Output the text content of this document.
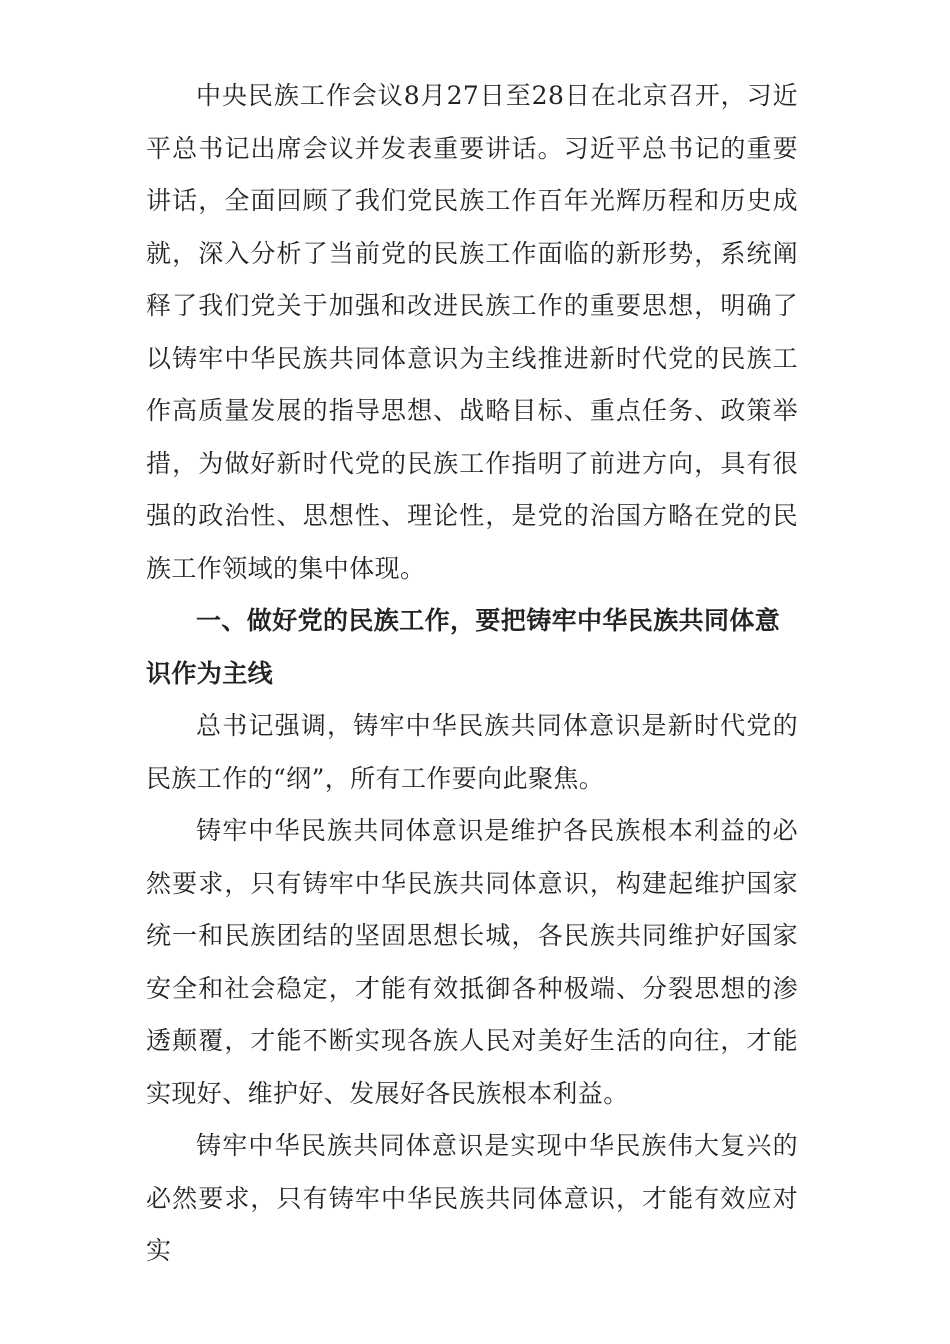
中央民族工作会议8月27日至28日在北京召开，习近平总书记出席会议并发表重要讲话。习近平总书记的重要讲话，全面回顾了我们党民族工作百年光辉历程和历史成就，深入分析了当前党的民族工作面临的新形势，系统阐释了我们党关于加强和改进民族工作的重要思想，明确了以铸牢中华民族共同体意识为主线推进新时代党的民族工作高质量发展的指导思想、战略目标、重点任务、政策举措，为做好新时代党的民族工作指明了前进方向，具有很强的政治性、思想性、理论性，是党的治国方略在党的民族工作领域的集中体现。

一、做好党的民族工作，要把铸牢中华民族共同体意识作为主线

总书记强调，铸牢中华民族共同体意识是新时代党的民族工作的“纲”，所有工作要向此聚焦。

铸牢中华民族共同体意识是维护各民族根本利益的必然要求，只有铸牢中华民族共同体意识，构建起维护国家统一和民族团结的坚固思想长城，各民族共同维护好国家安全和社会稳定，才能有效抵御各种极端、分裂思想的渗透颠覆，才能不断实现各族人民对美好生活的向往，才能实现好、维护好、发展好各民族根本利益。

铸牢中华民族共同体意识是实现中华民族伟大复兴的必然要求，只有铸牢中华民族共同体意识，才能有效应对实
